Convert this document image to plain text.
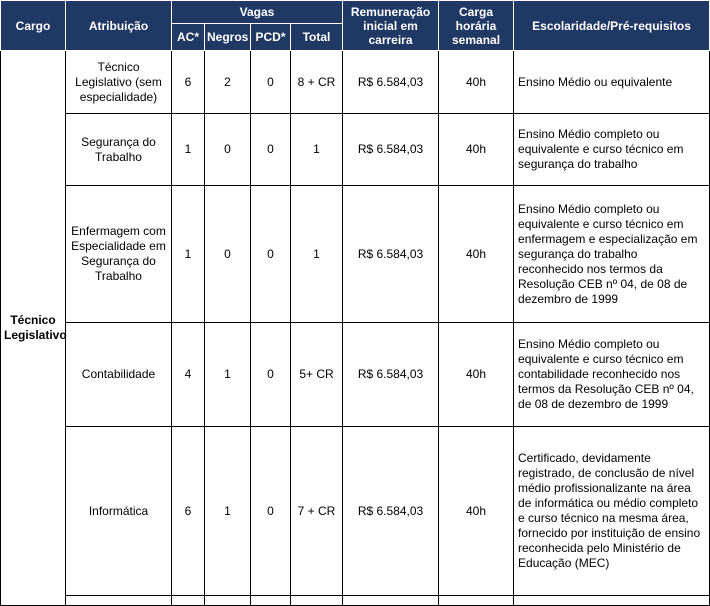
Cargo	Atribuição	Vagas				Remuneração inicial em carreira	Carga horária semanal	Escolaridade/Pré-requisitos
		AC*	Negros	PCD*	Total			
Técnico Legislativo	Técnico Legislativo (sem especialidade)	6	2	0	8 + CR	R$ 6.584,03	40h	Ensino Médio ou equivalente
	Segurança do Trabalho	1	0	0	1	R$ 6.584,03	40h	Ensino Médio completo ou equivalente e curso técnico em segurança do trabalho
	Enfermagem com Especialidade em Segurança do Trabalho	1	0	0	1	R$ 6.584,03	40h	Ensino Médio completo ou equivalente e curso técnico em enfermagem e especialização em segurança do trabalho reconhecido nos termos da Resolução CEB nº 04, de 08 de dezembro de 1999
	Contabilidade	4	1	0	5+ CR	R$ 6.584,03	40h	Ensino Médio completo ou equivalente e curso técnico em contabilidade reconhecido nos termos da Resolução CEB nº 04, de 08 de dezembro de 1999
	Informática	6	1	0	7 + CR	R$ 6.584,03	40h	Certificado, devidamente registrado, de conclusão de nível médio profissionalizante na área de informática ou médio completo e curso técnico na mesma área, fornecido por instituição de ensino reconhecida pelo Ministério de Educação (MEC)
